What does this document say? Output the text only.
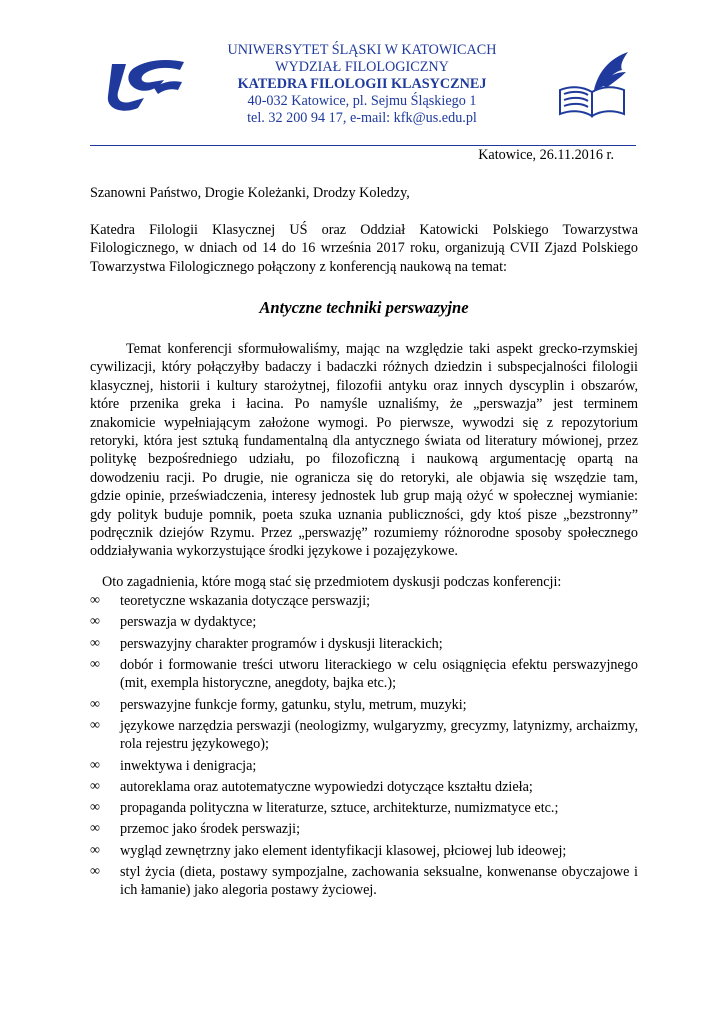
UNIWERSYTET ŚLĄSKI W KATOWICACH
WYDZIAŁ FILOLOGICZNY
KATEDRA FILOLOGII KLASYCZNEJ
40-032 Katowice, pl. Sejmu Śląskiego 1
tel. 32 200 94 17, e-mail: kfk@us.edu.pl
Katowice, 26.11.2016 r.
Szanowni Państwo, Drogie Koleżanki, Drodzy Koledzy,
Katedra Filologii Klasycznej UŚ oraz Oddział Katowicki Polskiego Towarzystwa
Filologicznego, w dniach od 14 do 16 września 2017 roku, organizują CVII Zjazd Polskiego
Towarzystwa Filologicznego połączony z konferencją naukową na temat:
Antyczne techniki perswazyjne
Temat konferencji sformułowaliśmy, mając na względzie taki aspekt grecko-rzymskiej
cywilizacji, który połączyłby badaczy i badaczki różnych dziedzin i subspecjalności filologii
klasycznej, historii i kultury starożytnej, filozofii antyku oraz innych dyscyplin i obszarów,
które przenika greka i łacina. Po namyśle uznaliśmy, że „perswazja” jest terminem
znakomicie wypełniającym założone wymogi. Po pierwsze, wywodzi się z repozytorium
retoryki, która jest sztuką fundamentalną dla antycznego świata od literatury mówionej, przez
politykę bezpośredniego udziału, po filozoficzną i naukową argumentację opartą na
dowodzeniu racji. Po drugie, nie ogranicza się do retoryki, ale objawia się wszędzie tam,
gdzie opinie, przeświadczenia, interesy jednostek lub grup mają ożyć w społecznej wymianie:
gdy polityk buduje pomnik, poeta szuka uznania publiczności, gdy ktoś pisze „bezstronny”
podręcznik dziejów Rzymu. Przez „perswazję” rozumiemy różnorodne sposoby społecznego
oddziaływania wykorzystujące środki językowe i pozajęzykowe.
Oto zagadnienia, które mogą stać się przedmiotem dyskusji podczas konferencji:
∞	teoretyczne wskazania dotyczące perswazji;
∞	perswazja w dydaktyce;
∞	perswazyjny charakter programów i dyskusji literackich;
∞	dobór i formowanie treści utworu literackiego w celu osiągnięcia efektu perswazyjnego (mit, exempla historyczne, anegdoty, bajka etc.);
∞	perswazyjne funkcje formy, gatunku, stylu, metrum, muzyki;
∞	językowe narzędzia perswazji (neologizmy, wulgaryzmy, grecyzmy, latynizmy, archaizmy, rola rejestru językowego);
∞	inwektywa i denigracja;
∞	autoreklama oraz autotematyczne wypowiedzi dotyczące kształtu dzieła;
∞	propaganda polityczna w literaturze, sztuce, architekturze, numizmatyce etc.;
∞	przemoc jako środek perswazji;
∞	wygląd zewnętrzny jako element identyfikacji klasowej, płciowej lub ideowej;
∞	styl życia (dieta, postawy sympozjalne, zachowania seksualne, konwenanse obyczajowe i ich łamanie) jako alegoria postawy życiowej.
